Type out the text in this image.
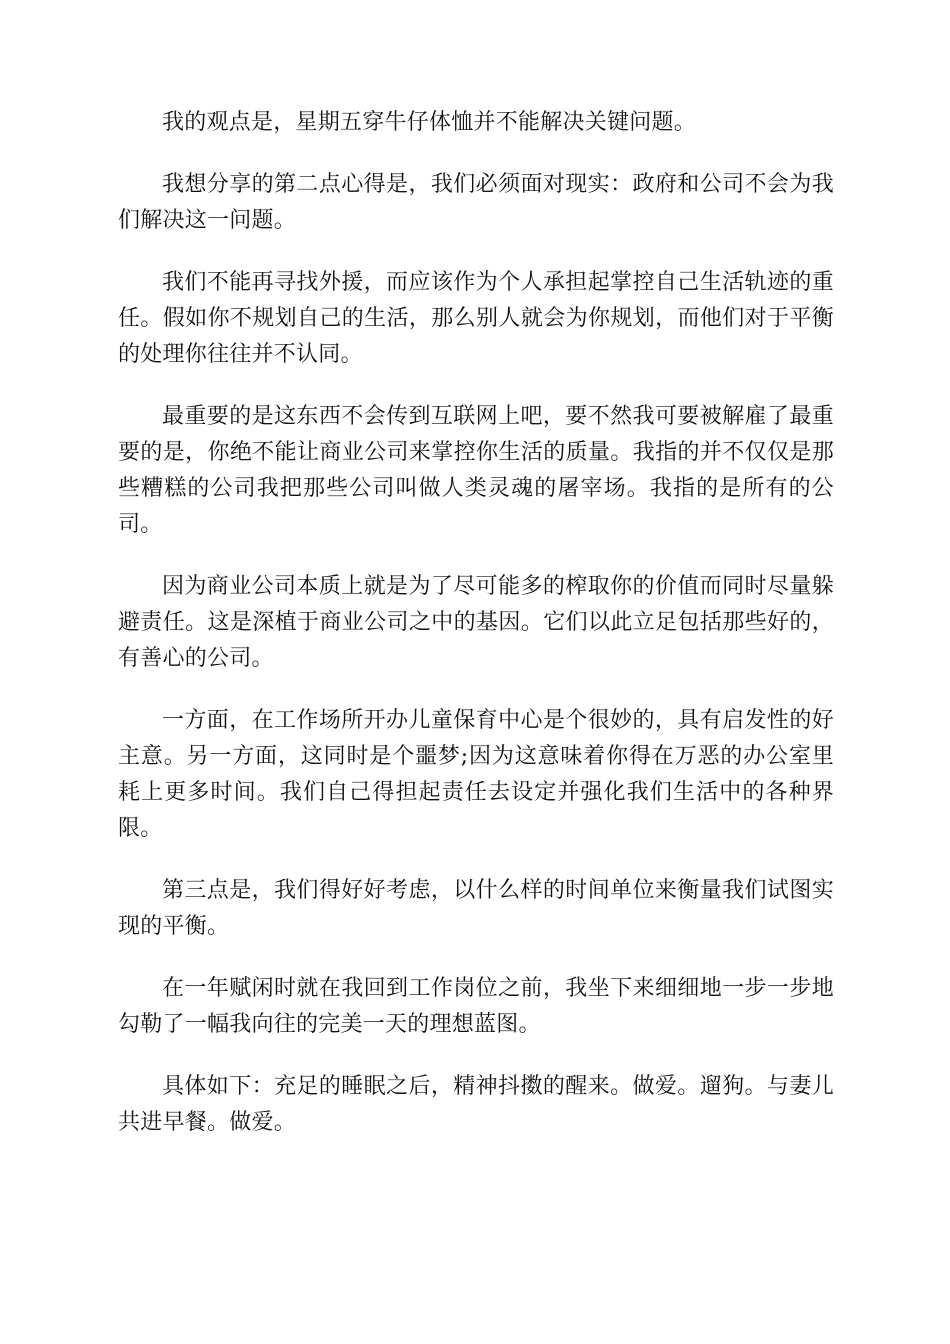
我的观点是，星期五穿牛仔体恤并不能解决关键问题。

我想分享的第二点心得是，我们必须面对现实：政府和公司不会为我们解决这一问题。

我们不能再寻找外援，而应该作为个人承担起掌控自己生活轨迹的重任。假如你不规划自己的生活，那么别人就会为你规划，而他们对于平衡的处理你往往并不认同。

最重要的是这东西不会传到互联网上吧，要不然我可要被解雇了最重要的是，你绝不能让商业公司来掌控你生活的质量。我指的并不仅仅是那些糟糕的公司我把那些公司叫做人类灵魂的屠宰场。我指的是所有的公司。

因为商业公司本质上就是为了尽可能多的榨取你的价值而同时尽量躲避责任。这是深植于商业公司之中的基因。它们以此立足包括那些好的，有善心的公司。

一方面，在工作场所开办儿童保育中心是个很妙的，具有启发性的好主意。另一方面，这同时是个噩梦;因为这意味着你得在万恶的办公室里耗上更多时间。我们自己得担起责任去设定并强化我们生活中的各种界限。

第三点是，我们得好好考虑，以什么样的时间单位来衡量我们试图实现的平衡。

在一年赋闲时就在我回到工作岗位之前，我坐下来细细地一步一步地勾勒了一幅我向往的完美一天的理想蓝图。

具体如下：充足的睡眠之后，精神抖擞的醒来。做爱。遛狗。与妻儿共进早餐。做爱。
